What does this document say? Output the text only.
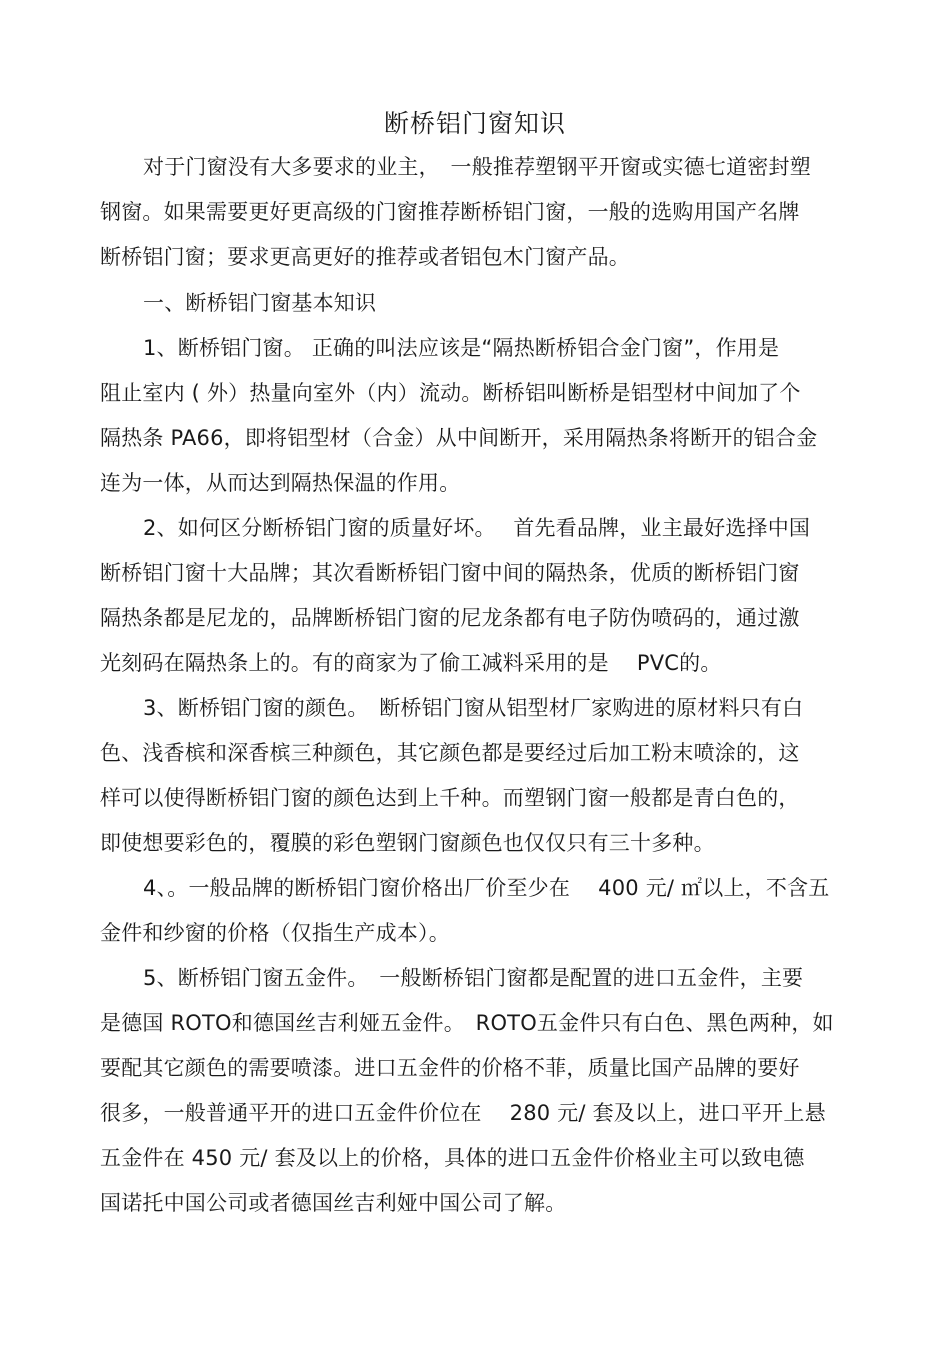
断桥铝门窗知识
对于门窗没有大多要求的业主，　一般推荐塑钢平开窗或实德七道密封塑
钢窗。如果需要更好更高级的门窗推荐断桥铝门窗，一般的选购用国产名牌
断桥铝门窗；要求更高更好的推荐或者铝包木门窗产品。
一、断桥铝门窗基本知识
1、断桥铝门窗。 正确的叫法应该是“隔热断桥铝合金门窗”，作用是
阻止室内 ( 外）热量向室外（内）流动。断桥铝叫断桥是铝型材中间加了个
隔热条 PA66，即将铝型材（合金）从中间断开，采用隔热条将断开的铝合金
连为一体，从而达到隔热保温的作用。
2、如何区分断桥铝门窗的质量好坏。　 首先看品牌，业主最好选择中国
断桥铝门窗十大品牌；其次看断桥铝门窗中间的隔热条，优质的断桥铝门窗
隔热条都是尼龙的，品牌断桥铝门窗的尼龙条都有电子防伪喷码的，通过激
光刻码在隔热条上的。有的商家为了偷工减料采用的是　 PVC的。
3、断桥铝门窗的颜色。　断桥铝门窗从铝型材厂家购进的原材料只有白
色、浅香槟和深香槟三种颜色，其它颜色都是要经过后加工粉末喷涂的，这
样可以使得断桥铝门窗的颜色达到上千种。而塑钢门窗一般都是青白色的，
即使想要彩色的，覆膜的彩色塑钢门窗颜色也仅仅只有三十多种。
4、。一般品牌的断桥铝门窗价格出厂价至少在　 400 元/ ㎡以上，不含五
金件和纱窗的价格（仅指生产成本）。
5、断桥铝门窗五金件。　一般断桥铝门窗都是配置的进口五金件，主要
是德国 ROTO和德国丝吉利娅五金件。　ROTO五金件只有白色、黑色两种，如
要配其它颜色的需要喷漆。进口五金件的价格不菲，质量比国产品牌的要好
很多，一般普通平开的进口五金件价位在　 280 元/ 套及以上，进口平开上悬
五金件在 450 元/ 套及以上的价格，具体的进口五金件价格业主可以致电德
国诺托中国公司或者德国丝吉利娅中国公司了解。
